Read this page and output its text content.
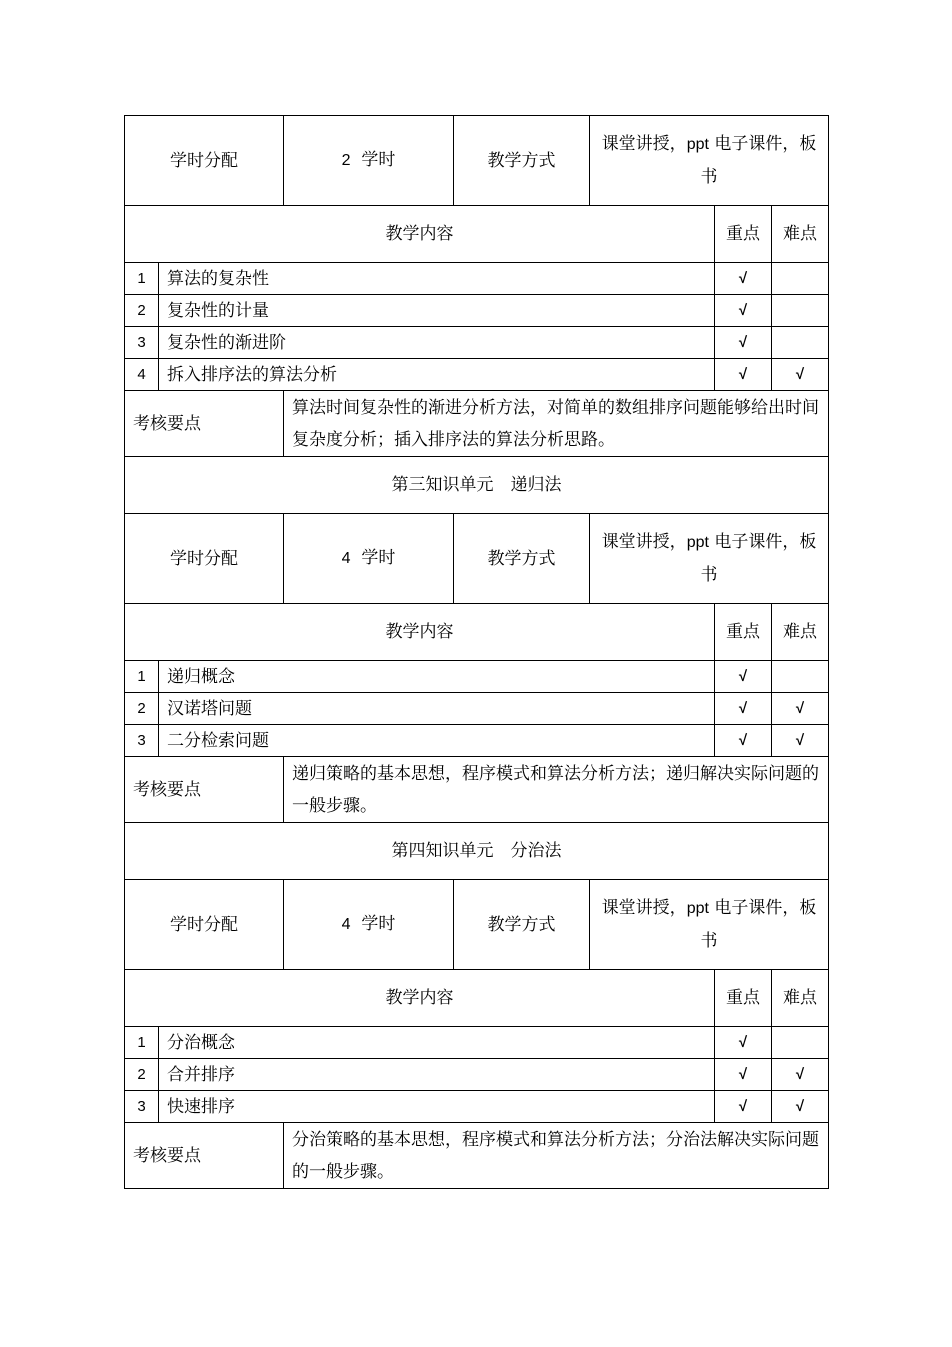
学时分配		2 学时	教学方式	课堂讲授，ppt 电子课件，板书		
教学内容					重点	难点
1	算法的复杂性				√	
2	复杂性的计量				√	
3	复杂性的渐进阶				√	
4	拆入排序法的算法分析				√	√
考核要点		算法时间复杂性的渐进分析方法，对简单的数组排序问题能够给出时间复杂度分析；插入排序法的算法分析思路。				
第三知识单元　递归法						
学时分配		4 学时	教学方式	课堂讲授，ppt 电子课件，板书		
教学内容					重点	难点
1	递归概念				√	
2	汉诺塔问题				√	√
3	二分检索问题				√	√
考核要点		递归策略的基本思想，程序模式和算法分析方法；递归解决实际问题的一般步骤。				
第四知识单元　分治法						
学时分配		4 学时	教学方式	课堂讲授，ppt 电子课件，板书		
教学内容					重点	难点
1	分治概念				√	
2	合并排序				√	√
3	快速排序				√	√
考核要点		分治策略的基本思想，程序模式和算法分析方法；分治法解决实际问题的一般步骤。				
